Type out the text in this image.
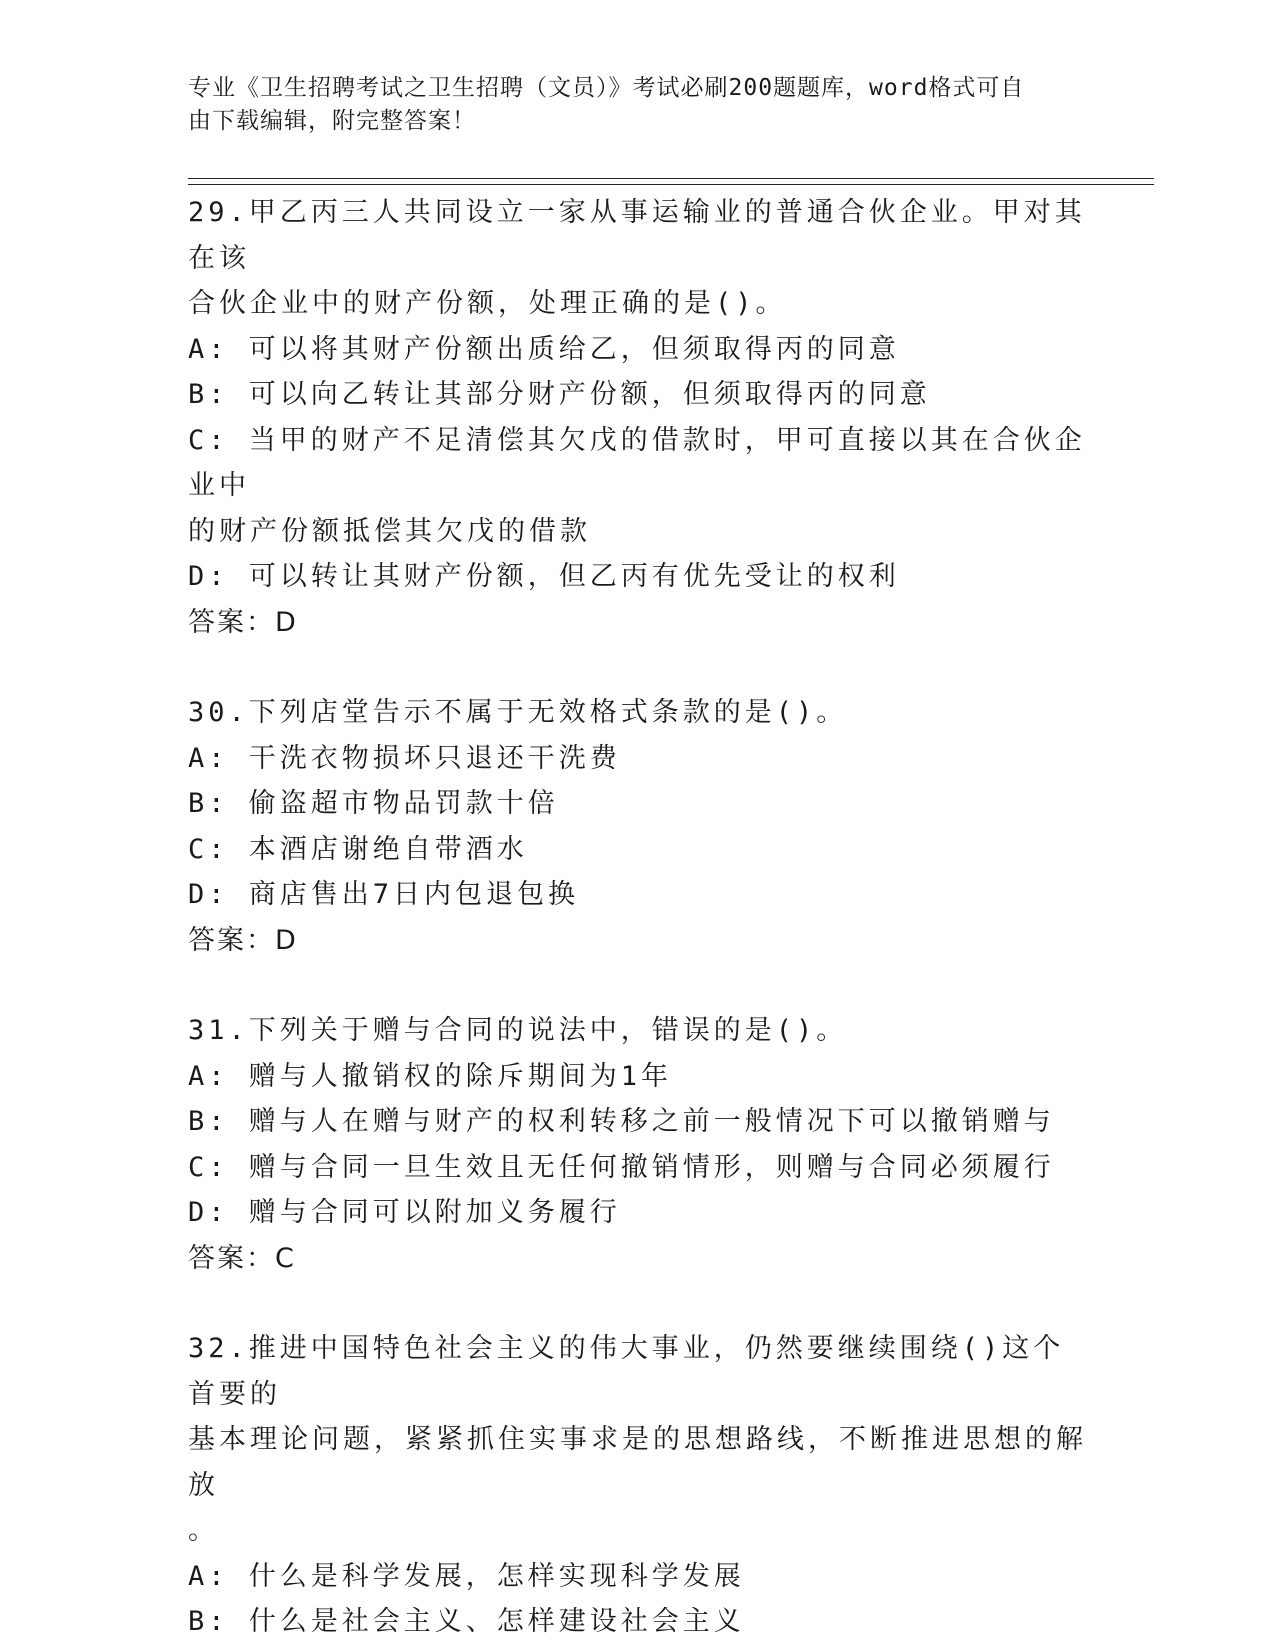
专业《卫生招聘考试之卫生招聘（文员）》考试必刷200题题库，word格式可自
由下载编辑，附完整答案！
29.甲乙丙三人共同设立一家从事运输业的普通合伙企业。甲对其在该
合伙企业中的财产份额，处理正确的是()。
A: 可以将其财产份额出质给乙，但须取得丙的同意
B: 可以向乙转让其部分财产份额，但须取得丙的同意
C: 当甲的财产不足清偿其欠戊的借款时，甲可直接以其在合伙企业中
的财产份额抵偿其欠戊的借款
D: 可以转让其财产份额，但乙丙有优先受让的权利
答案：D
30.下列店堂告示不属于无效格式条款的是()。
A: 干洗衣物损坏只退还干洗费
B: 偷盗超市物品罚款十倍
C: 本酒店谢绝自带酒水
D: 商店售出7日内包退包换
答案：D
31.下列关于赠与合同的说法中，错误的是()。
A: 赠与人撤销权的除斥期间为1年
B: 赠与人在赠与财产的权利转移之前一般情况下可以撤销赠与
C: 赠与合同一旦生效且无任何撤销情形，则赠与合同必须履行
D: 赠与合同可以附加义务履行
答案：C
32.推进中国特色社会主义的伟大事业，仍然要继续围绕()这个首要的
基本理论问题，紧紧抓住实事求是的思想路线，不断推进思想的解放
。
A: 什么是科学发展，怎样实现科学发展
B: 什么是社会主义、怎样建设社会主义
